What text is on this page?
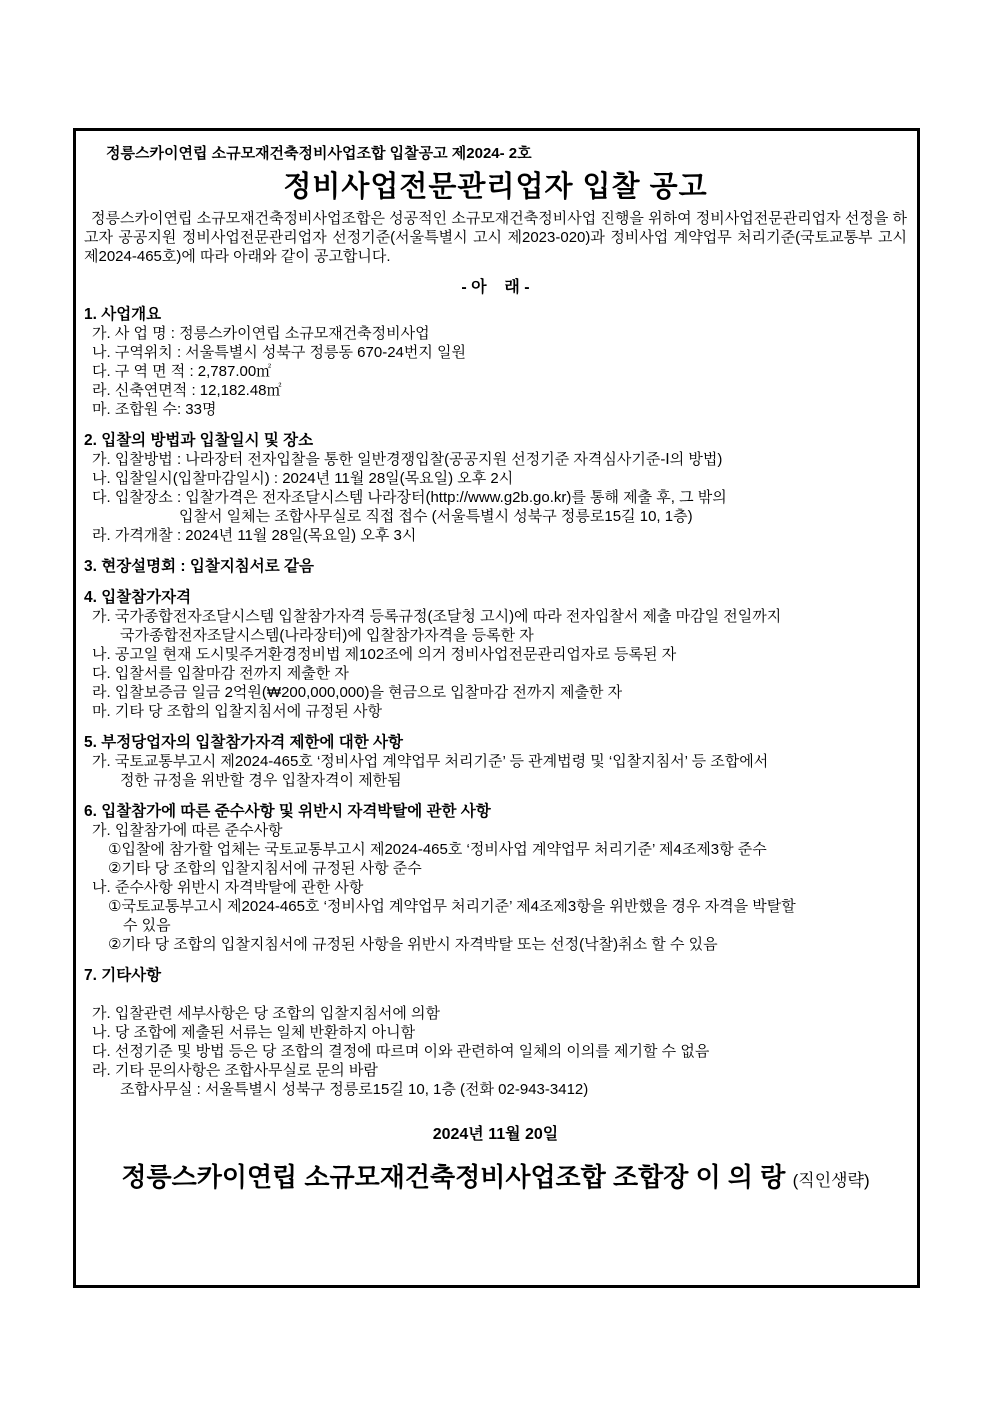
정릉스카이연립 소규모재건축정비사업조합 입찰공고 제2024- 2호
정비사업전문관리업자 입찰 공고
정릉스카이연립 소규모재건축정비사업조합은 성공적인 소규모재건축정비사업 진행을 위하여 정비사업전문관리업자 선정을 하고자 공공지원 정비사업전문관리업자 선정기준(서울특별시 고시 제2023-020)과 정비사업 계약업무 처리기준(국토교통부 고시 제2024-465호)에 따라 아래와 같이 공고합니다.
- 아    래 -
1. 사업개요
가. 사 업 명 : 정릉스카이연립 소규모재건축정비사업
나. 구역위치 : 서울특별시 성북구 정릉동 670-24번지 일원
다. 구 역 면 적 : 2,787.00㎡
라. 신축연면적 : 12,182.48㎡
마. 조합원 수: 33명
2. 입찰의 방법과 입찰일시 및 장소
가. 입찰방법 : 나라장터 전자입찰을 통한 일반경쟁입찰(공공지원 선정기준 자격심사기준-Ⅰ의 방법)
나. 입찰일시(입찰마감일시) : 2024년 11월 28일(목요일) 오후 2시
다. 입찰장소 : 입찰가격은 전자조달시스템 나라장터(http://www.g2b.go.kr)를 통해 제출 후, 그 밖의
입찰서 일체는 조합사무실로 직접 접수 (서울특별시 성북구 정릉로15길 10, 1층)
라. 가격개찰 : 2024년 11월 28일(목요일) 오후 3시
3. 현장설명회 : 입찰지침서로 같음
4. 입찰참가자격
가. 국가종합전자조달시스템 입찰참가자격 등록규정(조달청 고시)에 따라 전자입찰서 제출 마감일 전일까지
국가종합전자조달시스템(나라장터)에 입찰참가자격을 등록한 자
나. 공고일 현재 도시및주거환경정비법 제102조에 의거 정비사업전문관리업자로 등록된 자
다. 입찰서를 입찰마감 전까지 제출한 자
라. 입찰보증금 일금 2억원(₩200,000,000)을 현금으로 입찰마감 전까지 제출한 자
마. 기타 당 조합의 입찰지침서에 규정된 사항
5. 부정당업자의 입찰참가자격 제한에 대한 사항
가. 국토교통부고시 제2024-465호 ‘정비사업 계약업무 처리기준’ 등 관계법령 및 ‘입찰지침서’ 등 조합에서
정한 규정을 위반할 경우 입찰자격이 제한됨
6. 입찰참가에 따른 준수사항 및 위반시 자격박탈에 관한 사항
가. 입찰참가에 따른 준수사항
①입찰에 참가할 업체는 국토교통부고시 제2024-465호 ‘정비사업 계약업무 처리기준’ 제4조제3항 준수
②기타 당 조합의 입찰지침서에 규정된 사항 준수
나. 준수사항 위반시 자격박탈에 관한 사항
①국토교통부고시 제2024-465호 ‘정비사업 계약업무 처리기준’ 제4조제3항을 위반했을 경우 자격을 박탈할
수 있음
②기타 당 조합의 입찰지침서에 규정된 사항을 위반시 자격박탈 또는 선정(낙찰)취소 할 수 있음
7. 기타사항
가. 입찰관련 세부사항은 당 조합의 입찰지침서에 의함
나. 당 조합에 제출된 서류는 일체 반환하지 아니함
다. 선정기준 및 방법 등은 당 조합의 결정에 따르며 이와 관련하여 일체의 이의를 제기할 수 없음
라. 기타 문의사항은 조합사무실로 문의 바람
조합사무실 : 서울특별시 성북구 정릉로15길 10, 1층 (전화 02-943-3412)
2024년 11월 20일
정릉스카이연립 소규모재건축정비사업조합 조합장 이 의 랑 (직인생략)
